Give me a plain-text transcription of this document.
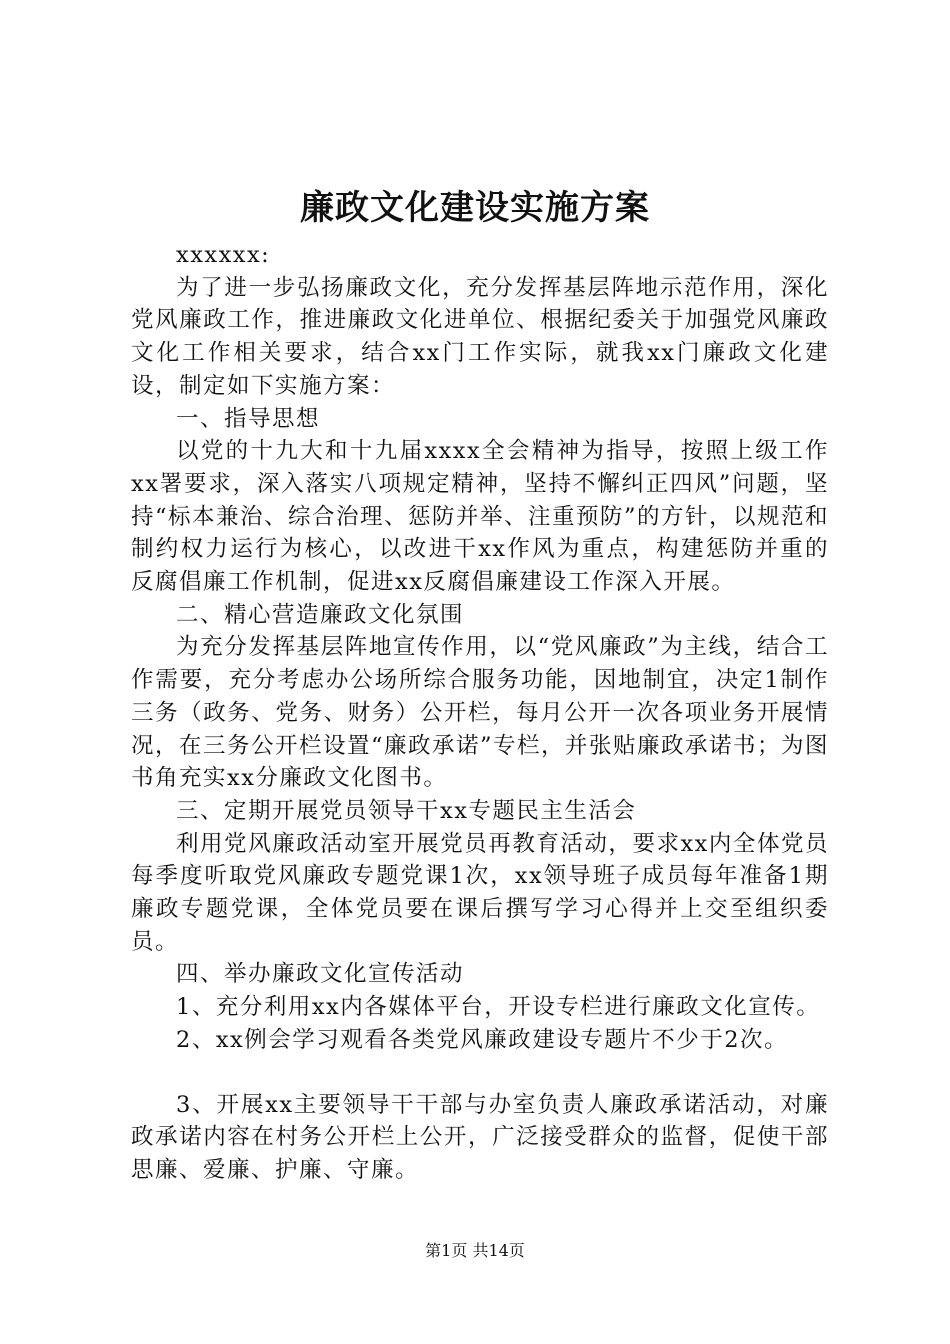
廉政文化建设实施方案

xxxxxx:

为了进一步弘扬廉政文化，充分发挥基层阵地示范作用，深化党风廉政工作，推进廉政文化进单位、根据纪委关于加强党风廉政文化工作相关要求，结合xx门工作实际，就我xx门廉政文化建设，制定如下实施方案：

一、指导思想

以党的十九大和十九届xxxx全会精神为指导，按照上级工作xx署要求，深入落实八项规定精神，坚持不懈纠正四风”问题，坚持“标本兼治、综合治理、惩防并举、注重预防”的方针，以规范和制约权力运行为核心，以改进干xx作风为重点，构建惩防并重的反腐倡廉工作机制，促进xx反腐倡廉建设工作深入开展。

二、精心营造廉政文化氛围

为充分发挥基层阵地宣传作用，以“党风廉政”为主线，结合工作需要，充分考虑办公场所综合服务功能，因地制宜，决定1制作三务（政务、党务、财务）公开栏，每月公开一次各项业务开展情况，在三务公开栏设置“廉政承诺”专栏，并张贴廉政承诺书；为图书角充实xx分廉政文化图书。

三、定期开展党员领导干xx专题民主生活会

利用党风廉政活动室开展党员再教育活动，要求xx内全体党员每季度听取党风廉政专题党课1次，xx领导班子成员每年准备1期廉政专题党课，全体党员要在课后撰写学习心得并上交至组织委员。

四、举办廉政文化宣传活动

1、充分利用xx内各媒体平台，开设专栏进行廉政文化宣传。

2、xx例会学习观看各类党风廉政建设专题片不少于2次。

3、开展xx主要领导干干部与办室负责人廉政承诺活动，对廉政承诺内容在村务公开栏上公开，广泛接受群众的监督，促使干部思廉、爱廉、护廉、守廉。

第1页 共14页
